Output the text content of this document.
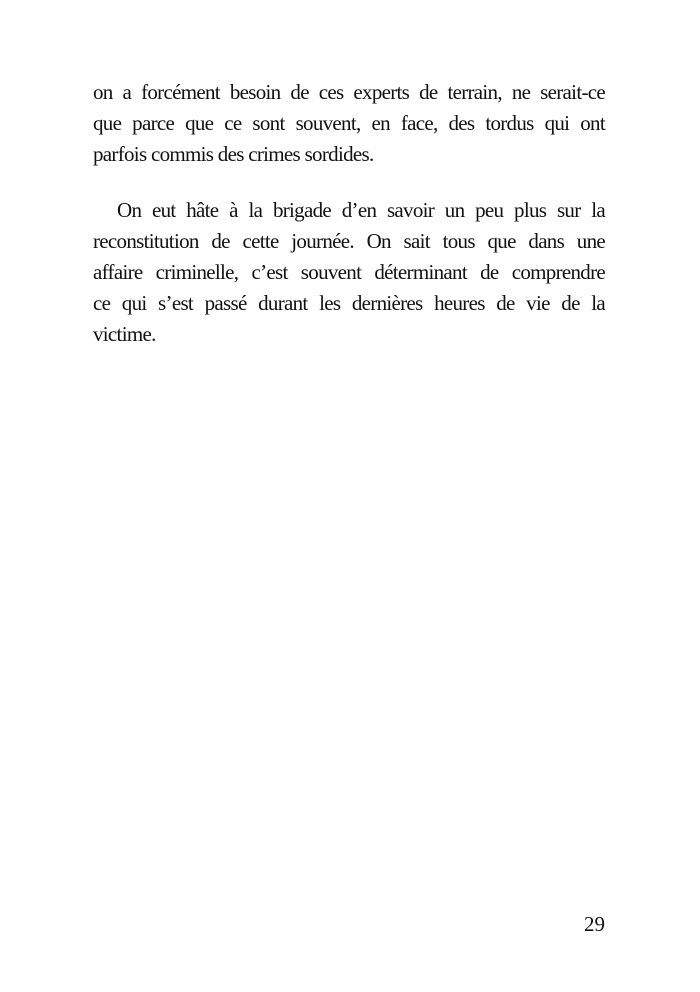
on a forcément besoin de ces experts de terrain, ne serait-ce
que parce que ce sont souvent, en face, des tordus qui ont
parfois commis des crimes sordides.
On eut hâte à la brigade d’en savoir un peu plus sur la
reconstitution de cette journée. On sait tous que dans une
affaire criminelle, c’est souvent déterminant de comprendre
ce qui s’est passé durant les dernières heures de vie de la
victime.
29
